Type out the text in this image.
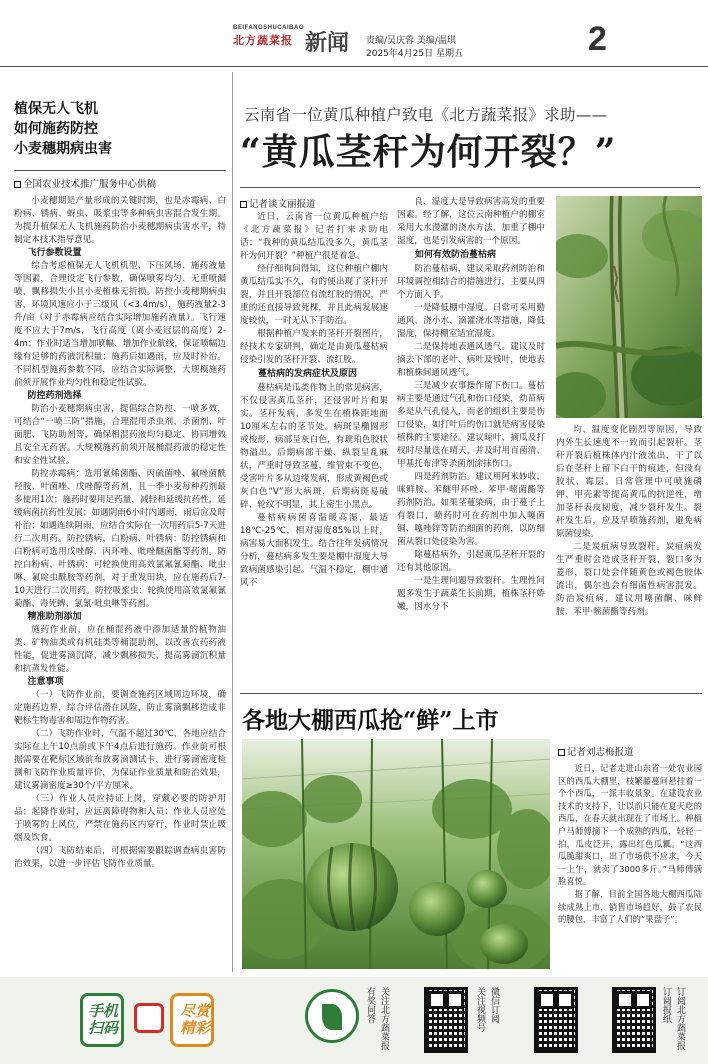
BEIFANGSHUCAIBAO
北方蔬菜报 新闻 责编/吴庆蓉 美编/温琪
2025年4月25日 星期五	2
植保无人飞机
如何施药防控
小麦穗期病虫害
全国农业技术推广服务中心供稿

小麦穗期是产量形成的关键时期，也是赤霉病、白粉病、锈病、蚜虫、吸浆虫等多种病虫害混合发生期。为提升植保无人飞机施药防治小麦穗期病虫害水平，特制定本技术指导意见。

飞行参数设置

综合考虑植保无人飞机机型、下压风场、施药液量等因素，合理设定飞行参数，确保喷雾均匀、无重喷漏喷，飘移损失小且小麦植株无折损。防控小麦穗期病虫害，环境风速应小于三级风（<3.4m/s），施药液量2-3升/亩（对于赤霉病应结合实际增加施药液量）。飞行速度不应大于7m/s，飞行高度（离小麦冠层的高度）2-4m；作业时适当增加喷幅、增加作业航线，保证喷幅边缘有足够的药液沉积量；施药后如遇雨，应及时补治。不同机型施药参数不同，应结合实际调整，大规模施药前须开展作业均匀性和稳定性试验。

防控药剂选择

防治小麦穗期病虫害，提倡综合防控、一喷多效，可结合“一喷三防”措施，合理混用杀虫剂、杀菌剂、叶面肥、飞防助剂等，确保相混药液均匀稳定、协同增效且安全无药害。大规模施药前须开展桶混药液的稳定性和安全性试验。

防控赤霉病：选用氰烯菌酯、丙硫菌唑、氟唑菌酰羟胺、叶菌唑、戊唑醇等药剂，且一季小麦每种药剂最多使用1次；施药时要用足药量，减轻和延缓抗药性，延缓病菌抗药性发展；如遇阴雨6小时内遇雨，雨后应及时补治；如遇连续阴雨，应结合实际在一次用药后5-7天进行二次用药。防控锈病、白粉病、叶锈病：防控锈病和白粉病可选用戊唑醇、丙环唑、吡唑醚菌酯等药剂。防控白粉病、叶锈病：可轮换使用高效氯氟氰菊酯、吡虫啉、氟啶虫酰胺等药剂，对于重发田块，应在施药后7-10天进行二次用药。防控吸浆虫：轮换使用高效氯氟氰菊酯、毒死蜱、氯氰·吡虫啉等药剂。

精准助剂添加

施药作业前，应在桶混药液中添加适量的植物油类、矿物油类或有机硅类等桶混助剂，以改善农药药液性能，促进雾滴沉降、减少飘移损失、提高雾滴沉积量和抗蒸发性能。

注意事项

（一）飞防作业前，要调查施药区域周边环境，确定施药边界，综合评估潜在风险，防止雾滴飘移造成非靶标生物毒害和周边作物药害。

（二）飞防作业时，气温不超过30℃，各地应结合实际在上午10点前或下午4点后进行施药。作业前可根据需要在靶标区域前布放雾滴测试卡，进行雾滴密度检测和飞防作业质量评价，为保证作业质量和防治效果，建议雾滴密度≥30个/平方厘米。

（三）作业人员应持证上岗，穿戴必要的防护用品；起降作业时，应远离障碍物和人员；作业人员应处于喷雾的上风位，严禁在施药区内穿行，作业时禁止吸烟及饮食。

（四）飞防结束后，可根据需要跟踪调查病虫害防治效果，以进一步评估飞防作业质量。

云南省一位黄瓜种植户致电《北方蔬菜报》求助——
“黄瓜茎秆为何开裂？”
记者谈文丽报道

近日，云南省一位黄瓜种植户给《北方蔬菜报》记者打来求助电话：“我种的黄瓜结瓜没多久，黄瓜茎秆为何开裂？”种植户很是着急。

经仔细询问得知，这位种植户棚内黄瓜结瓜实不久，有的便出现了茎秆开裂，并且开裂部位有流红胶的情况，严重的还直接导致死棵，并且此病发展速度较快，一时无从下手防治。

根据种植户发来的茎秆开裂图片，经技术专家研判，确定是由黄瓜蔓枯病侵染引发的茎秆开裂、流红胶。

蔓枯病的发病症状及原因

蔓枯病是瓜类作物上的常见病害，不仅侵害黄瓜茎秆，还侵害叶片和果实。茎秆发病，多发生在植株距地面10厘米左右的茎节处。病斑呈椭圆形或梭形，病部呈灰白色，有琥珀色胶状物溢出。后期病部干燥、纵裂呈乱麻状，严重时导致茎蔓、维管束不变色，受害叶片多从边缘发病，形成黄褐色或灰白色“V”形大病斑，后期病斑易破碎、轮纹不明显，其上密生小黑点。

蔓枯病病菌喜温暖高湿，最适18℃-25℃，相对湿度85%以上时，病害易大面积发生。结合往年发病情况分析，蔓枯病多发生要是棚中湿度大导致病菌感染引起。气温不稳定，棚中通风不

良、湿度大是导致病害高发的重要因素。经了解，这位云南种植户的棚室采用大水漫灌的浇水方法，加重了棚中湿度，也是引发病害的一个原因。

如何有效防治蔓枯病

防治蔓枯病，建议采取药剂防治和环境调控相结合的措施进行，主要从四个方面入手。

一是降低棚中湿度。日常可采用勤通风、浇小水、滴灌浇水等措施，降低湿度，保持棚室适宜湿度。

二是保持地表通风透气。建议及时摘去下部的老叶、病叶及残叶，使地表和植株间通风透气。

三是减少农事操作留下伤口。蔓枯病主要是通过气孔和伤口侵染，幼苗病多是从气孔侵入，而老的组织主要是伤口侵染，如打叶后的伤口就是病害侵染植株的主要途径。建议晾叶、摘瓜及打杈时尽量选在晴天，并及时用百菌清、甲基托布津等杀菌剂涂抹伤口。

四是药剂防治。建议用阿米妙收、咪鲜胺、苯醚甲环唑、苯甲·嘧菌酯等药剂防治。如果茎蔓染病，由于蔓子上有裂口，喷药时可在药剂中加入噻菌铜、噻唑锌等防治细菌的药剂，以防细菌从裂口处侵染为害。

除蔓枯病外，引起黄瓜茎秆开裂的还有其他原因。

一是生理问题导致裂秆。生理性问题多发生于蔬菜生长前期，植株茎秆娇嫩，因水分不

均、温度变化剧烈等原因，导致内外生长速度不一致而引起裂秆。茎秆开裂后植株体内汁液流出，干了以后在茎秆上留下白干的痕迹，但没有胶状、霉层。日常管理中可喷施磷钾、甲壳素等提高黄瓜的抗逆性，增加茎秆表皮韧度，减少裂秆发生。裂秆发生后，应及早喷施药剂，避免病原菌侵染。

二是炭疽病导致裂秆。炭疽病发生严重时会造成茎秆开裂，裂口多为菱形，裂口处会伴随黄色或褐色胶体流出，偶尔也会有细菌性病害混发。防治炭疽病，建议用噻菌酮、咪鲜胺、苯甲·嘧菌酯等药剂。

各地大棚西瓜抢“鲜”上市
记者刘志梅报道

近日，记者走进山东省一处农业园区的西瓜大棚里，枝繁藤蔓间悬挂着一个个西瓜，一派丰收景象。在建设农业技术的支持下，让以前只能在夏天吃的西瓜，在春天就出现在了市场上。种植户马师傅摘下一个成熟的西瓜，轻轻一拍，瓜皮泛开，露出红色瓜瓤。“这西瓜脆甜爽口，出了市场供不应求，今天一上午，就卖了3000多斤。”马师傅满脸喜悦。

据了解，目前全国各地大棚西瓜陆续成熟上市，销售市场趋好，鼓了农民的腰包，丰富了人们的“果盘子”。

手机扫码
尽赏精彩
有奖问答 关注北方蔬菜报	关注视频号 微信订阅	订阅报纸 订阅北方蔬菜报
